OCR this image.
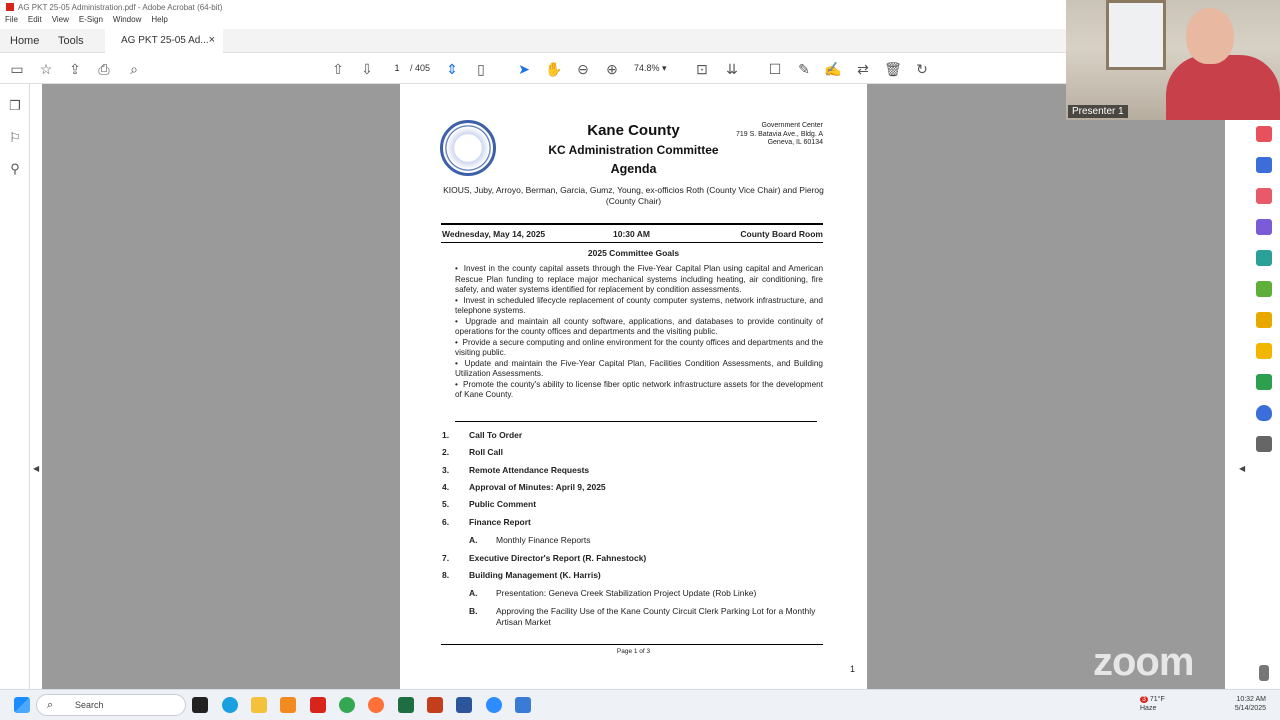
AG PKT 25-05 Administration.pdf - Adobe Acrobat (64-bit)
File Edit View E-Sign Window Help
Home Tools	AG PKT 25-05 Ad... ×
▭ ☆ ⇪ ⎙	⌕	⇧ ⇩	1	/ 405 ⇕	▯	➤ ✋ ⊖ ⊕	74.8% ▾	⊡ ⇊ ☐ ✎ ✍ ⇄ 🗑 ↻
❐
⚐
⚲
◀	◀
Kane County
KC Administration Committee
Agenda
Government Center
719 S. Batavia Ave., Bldg. A
Geneva, IL 60134
KIOUS, Juby, Arroyo, Berman, Garcia, Gumz, Young, ex-officios Roth (County Vice Chair) and Pierog (County Chair)
Wednesday, May 14, 2025	10:30 AM	County Board Room
2025 Committee Goals
•  Invest in the county capital assets through the Five-Year Capital Plan using capital and American Rescue Plan funding to replace major mechanical systems including heating, air conditioning, fire safety, and water systems identified for replacement by condition assessments.
•  Invest in scheduled lifecycle replacement of county computer systems, network infrastructure, and telephone systems.
•  Upgrade and maintain all county software, applications, and databases to provide continuity of operations for the county offices and departments and the visiting public.
•  Provide a secure computing and online environment for the county offices and departments and the visiting public.
•  Update and maintain the Five-Year Capital Plan, Facilities Condition Assessments, and Building Utilization Assessments.
•  Promote the county's ability to license fiber optic network infrastructure assets for the development of Kane County.
1. Call To Order
2. Roll Call
3. Remote Attendance Requests
4. Approval of Minutes: April 9, 2025
5. Public Comment
6. Finance Report
A. Monthly Finance Reports
7. Executive Director's Report (R. Fahnestock)
8. Building Management (K. Harris)
A. Presentation: Geneva Creek Stabilization Project Update (Rob Linke)
B. Approving the Facility Use of the Kane County Circuit Clerk Parking Lot for a Monthly Artisan Market
Page 1 of 3
1
Presenter 1
zoom
⌕ Search
3 71°F
Haze
10:32 AM
5/14/2025
